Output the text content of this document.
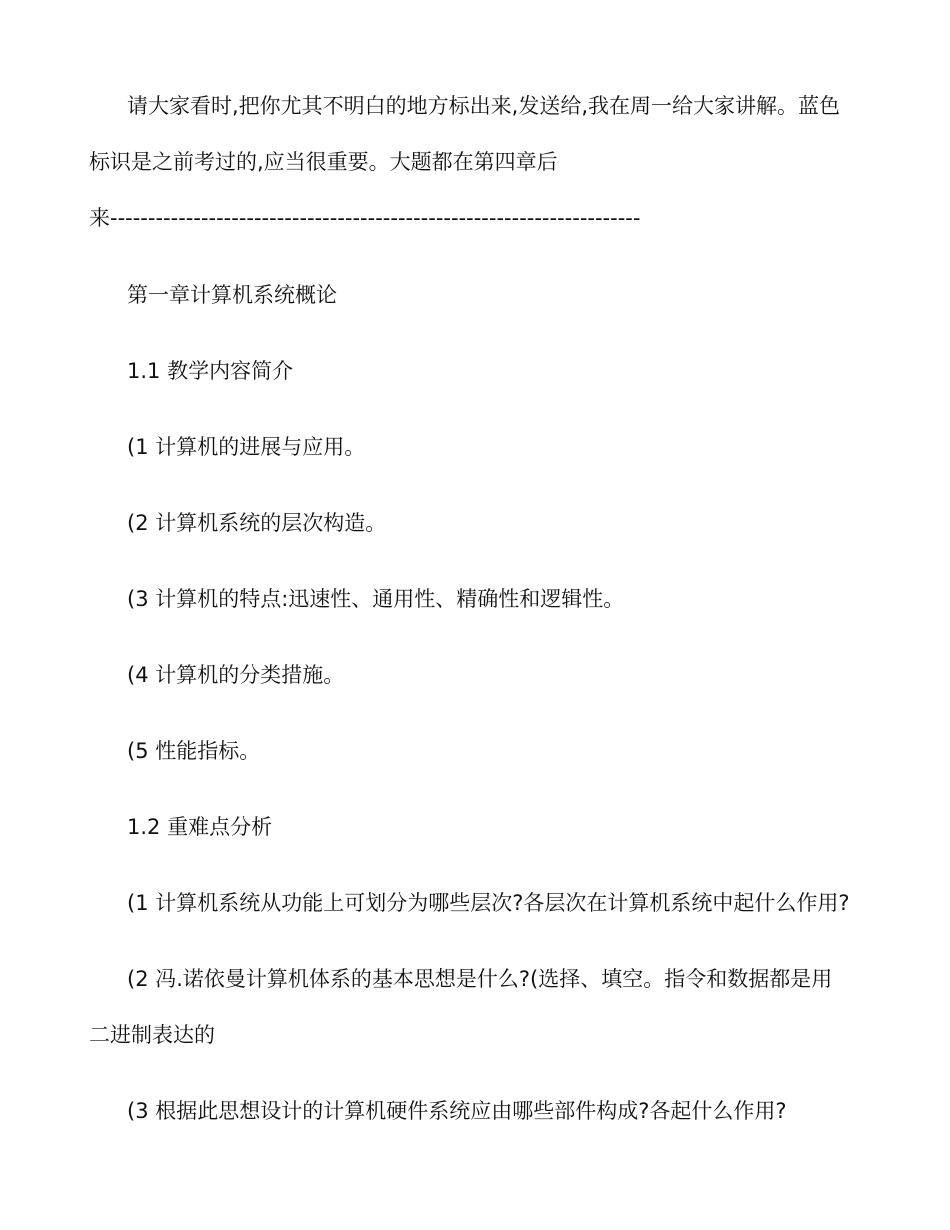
请大家看时,把你尤其不明白的地方标出来,发送给,我在周一给大家讲解。蓝色
标识是之前考过的,应当很重要。大题都在第四章后
来----------------------------------------------------------------------
第一章计算机系统概论
1.1 教学内容简介
(1 计算机的进展与应用。
(2 计算机系统的层次构造。
(3 计算机的特点:迅速性、通用性、精确性和逻辑性。
(4 计算机的分类措施。
(5 性能指标。
1.2 重难点分析
(1 计算机系统从功能上可划分为哪些层次?各层次在计算机系统中起什么作用?
(2 冯.诺依曼计算机体系的基本思想是什么?(选择、填空。指令和数据都是用
二进制表达的
(3 根据此思想设计的计算机硬件系统应由哪些部件构成?各起什么作用?
